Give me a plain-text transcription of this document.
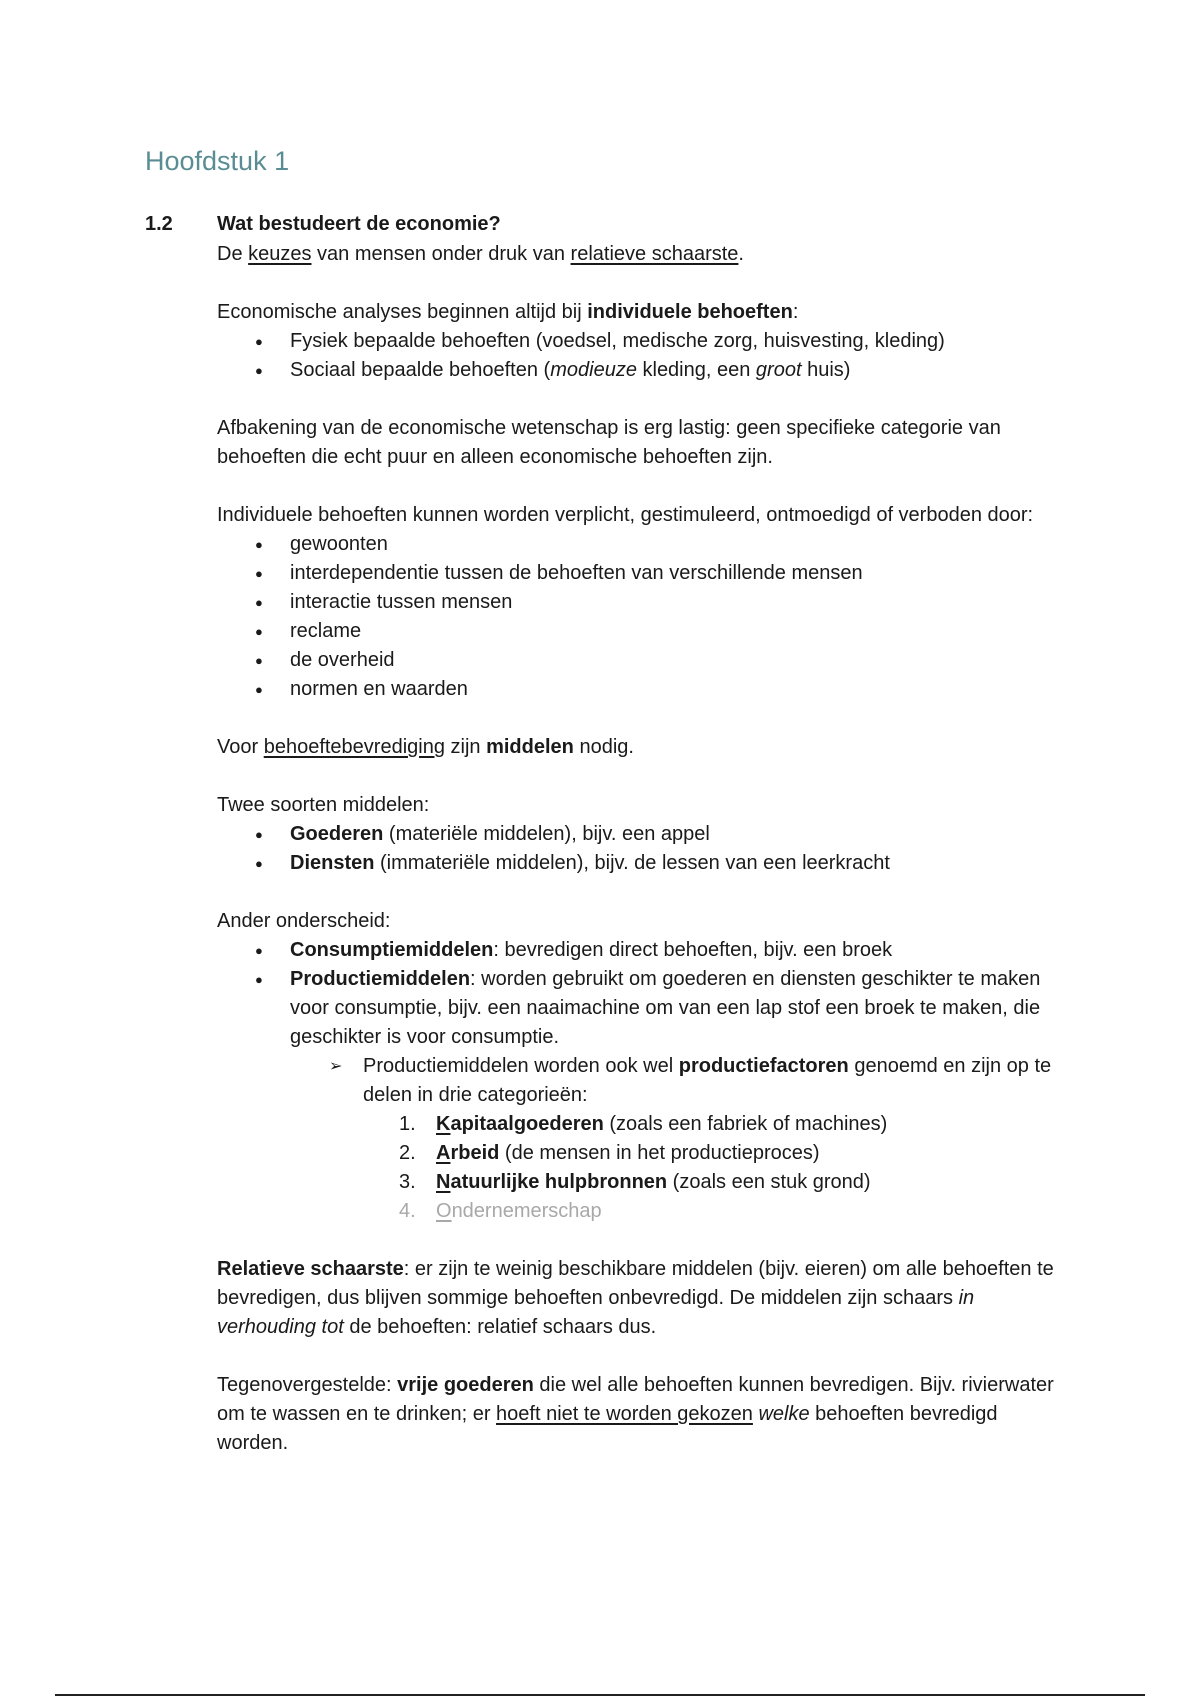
Hoofdstuk 1
1.2 Wat bestudeert de economie?

De keuzes van mensen onder druk van relatieve schaarste.

Economische analyses beginnen altijd bij individuele behoeften:

● Fysiek bepaalde behoeften (voedsel, medische zorg, huisvesting, kleding)
● Sociaal bepaalde behoeften (modieuze kleding, een groot huis)

Afbakening van de economische wetenschap is erg lastig: geen specifieke categorie van behoeften die echt puur en alleen economische behoeften zijn.

Individuele behoeften kunnen worden verplicht, gestimuleerd, ontmoedigd of verboden door:

● gewoonten
● interdependentie tussen de behoeften van verschillende mensen
● interactie tussen mensen
● reclame
● de overheid
● normen en waarden

Voor behoeftebevrediging zijn middelen nodig.

Twee soorten middelen:

● Goederen (materiële middelen), bijv. een appel
● Diensten (immateriële middelen), bijv. de lessen van een leerkracht

Ander onderscheid:

● Consumptiemiddelen: bevredigen direct behoeften, bijv. een broek
● Productiemiddelen: worden gebruikt om goederen en diensten geschikter te maken voor consumptie, bijv. een naaimachine om van een lap stof een broek te maken, die geschikter is voor consumptie.
➢ Productiemiddelen worden ook wel productiefactoren genoemd en zijn op te delen in drie categorieën:
1. Kapitaalgoederen (zoals een fabriek of machines)
2. Arbeid (de mensen in het productieproces)
3. Natuurlijke hulpbronnen (zoals een stuk grond)
4. Ondernemerschap

Relatieve schaarste: er zijn te weinig beschikbare middelen (bijv. eieren) om alle behoeften te bevredigen, dus blijven sommige behoeften onbevredigd. De middelen zijn schaars in verhouding tot de behoeften: relatief schaars dus.

Tegenovergestelde: vrije goederen die wel alle behoeften kunnen bevredigen. Bijv. rivierwater om te wassen en te drinken; er hoeft niet te worden gekozen welke behoeften bevredigd worden.
